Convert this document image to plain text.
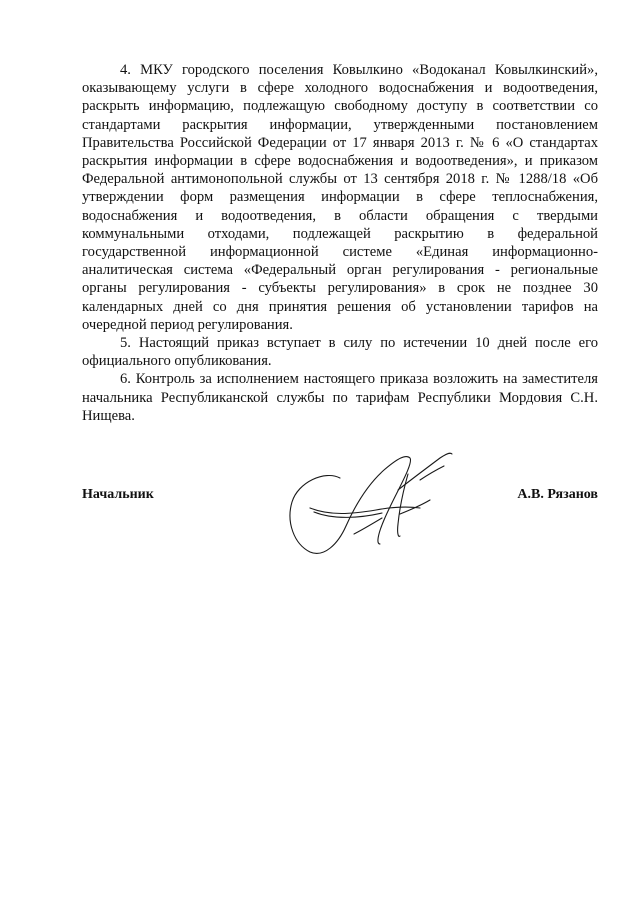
4. МКУ городского поселения Ковылкино «Водоканал Ковылкинский», оказывающему услуги в сфере холодного водоснабжения и водоотведения, раскрыть информацию, подлежащую свободному доступу в соответствии со стандартами раскрытия информации, утвержденными постановлением Правительства Российской Федерации от 17 января 2013 г. № 6 «О стандартах раскрытия информации в сфере водоснабжения и водоотведения», и приказом Федеральной антимонопольной службы от 13 сентября 2018 г. № 1288/18 «Об утверждении форм размещения информации в сфере теплоснабжения, водоснабжения и водоотведения, в области обращения с твердыми коммунальными отходами, подлежащей раскрытию в федеральной государственной информационной системе «Единая информационно-аналитическая система «Федеральный орган регулирования - региональные органы регулирования - субъекты регулирования» в срок не позднее 30 календарных дней со дня принятия решения об установлении тарифов на очередной период регулирования.

5. Настоящий приказ вступает в силу по истечении 10 дней после его официального опубликования.

6. Контроль за исполнением настоящего приказа возложить на заместителя начальника Республиканской службы по тарифам Республики Мордовия С.Н. Нищева.

Начальник	А.В. Рязанов
